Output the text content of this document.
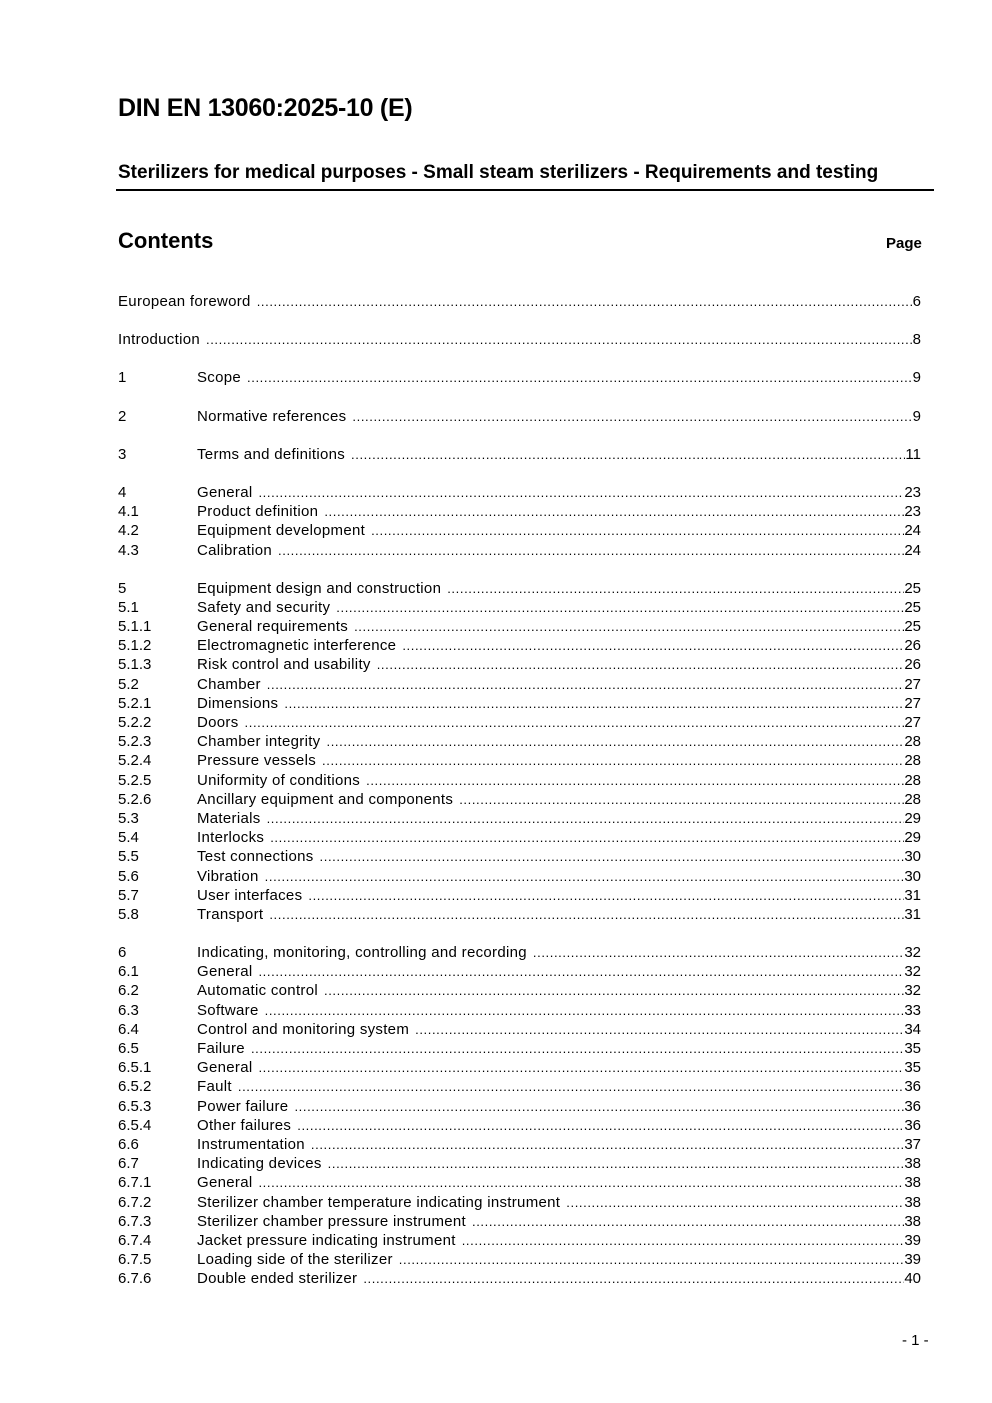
DIN EN 13060:2025-10 (E)
Sterilizers for medical purposes - Small steam sterilizers - Requirements and testing
Contents	Page
European foreword .....	6
Introduction .....	8
1	Scope .....	9
2	Normative references .....	9
3	Terms and definitions .....	11
4	General .....	23
4.1	Product definition .....	23
4.2	Equipment development .....	24
4.3	Calibration .....	24
5	Equipment design and construction .....	25
5.1	Safety and security .....	25
5.1.1	General requirements .....	25
5.1.2	Electromagnetic interference .....	26
5.1.3	Risk control and usability .....	26
5.2	Chamber .....	27
5.2.1	Dimensions .....	27
5.2.2	Doors .....	27
5.2.3	Chamber integrity .....	28
5.2.4	Pressure vessels .....	28
5.2.5	Uniformity of conditions .....	28
5.2.6	Ancillary equipment and components .....	28
5.3	Materials .....	29
5.4	Interlocks .....	29
5.5	Test connections .....	30
5.6	Vibration .....	30
5.7	User interfaces .....	31
5.8	Transport .....	31
6	Indicating, monitoring, controlling and recording .....	32
6.1	General .....	32
6.2	Automatic control .....	32
6.3	Software .....	33
6.4	Control and monitoring system .....	34
6.5	Failure .....	35
6.5.1	General .....	35
6.5.2	Fault .....	36
6.5.3	Power failure .....	36
6.5.4	Other failures .....	36
6.6	Instrumentation .....	37
6.7	Indicating devices .....	38
6.7.1	General .....	38
6.7.2	Sterilizer chamber temperature indicating instrument .....	38
6.7.3	Sterilizer chamber pressure instrument .....	38
6.7.4	Jacket pressure indicating instrument .....	39
6.7.5	Loading side of the sterilizer .....	39
6.7.6	Double ended sterilizer .....	40
- 1 -
